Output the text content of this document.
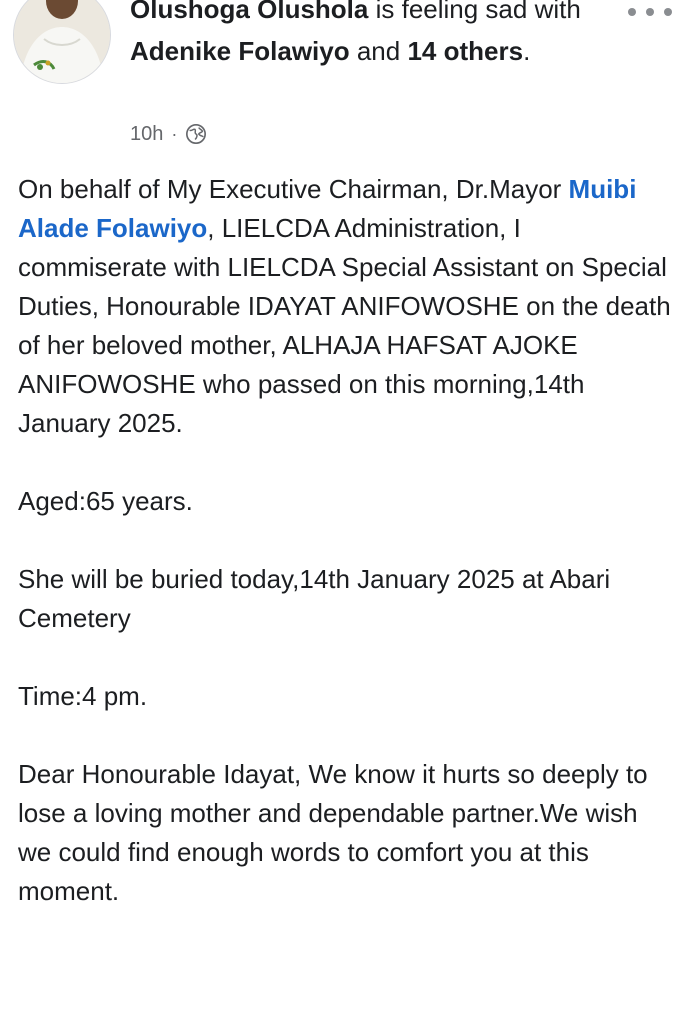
Olushoga Olushola is feeling sad with Adenike Folawiyo and 14 others.
10h ·

On behalf of My Executive Chairman, Dr.Mayor Muibi Alade Folawiyo, LIELCDA Administration, I commiserate with LIELCDA Special Assistant on Special Duties, Honourable IDAYAT ANIFOWOSHE on the death of her beloved mother, ALHAJA HAFSAT AJOKE ANIFOWOSHE who passed on this morning,14th January 2025.

Aged:65 years.

She will be buried today,14th January 2025 at Abari Cemetery

Time:4 pm.

Dear Honourable Idayat, We know it hurts so deeply to lose a loving mother and dependable partner.We wish we could find enough words to comfort you at this moment.
